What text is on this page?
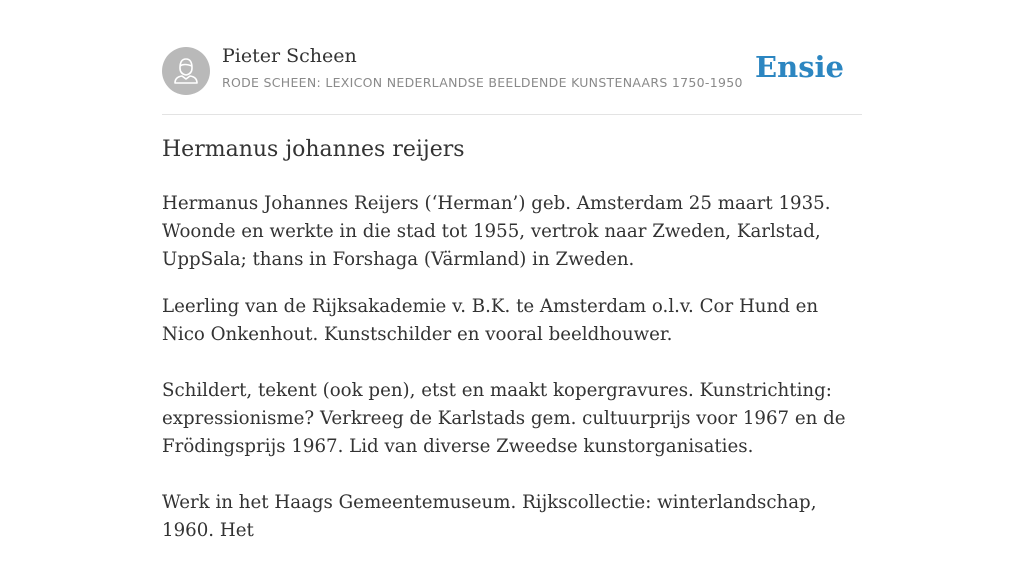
Pieter Scheen
RODE SCHEEN: LEXICON NEDERLANDSE BEELDENDE KUNSTENAARS 1750-1950 Ensie
Hermanus johannes reijers

Hermanus Johannes Reijers (‘Herman’) geb. Amsterdam 25 maart 1935. Woonde en werkte in die stad tot 1955, vertrok naar Zweden, Karlstad, UppSala; thans in Forshaga (Värmland) in Zweden.

Leerling van de Rijksakademie v. B.K. te Amsterdam o.l.v. Cor Hund en Nico Onkenhout. Kunstschilder en vooral beeldhouwer.

Schildert, tekent (ook pen), etst en maakt kopergravures. Kunstrichting: expressionisme? Verkreeg de Karlstads gem. cultuurprijs voor 1967 en de Frödingsprijs 1967. Lid van diverse Zweedse kunstorganisaties.

Werk in het Haags Gemeentemuseum. Rijkscollectie: winterlandschap, 1960. Het
